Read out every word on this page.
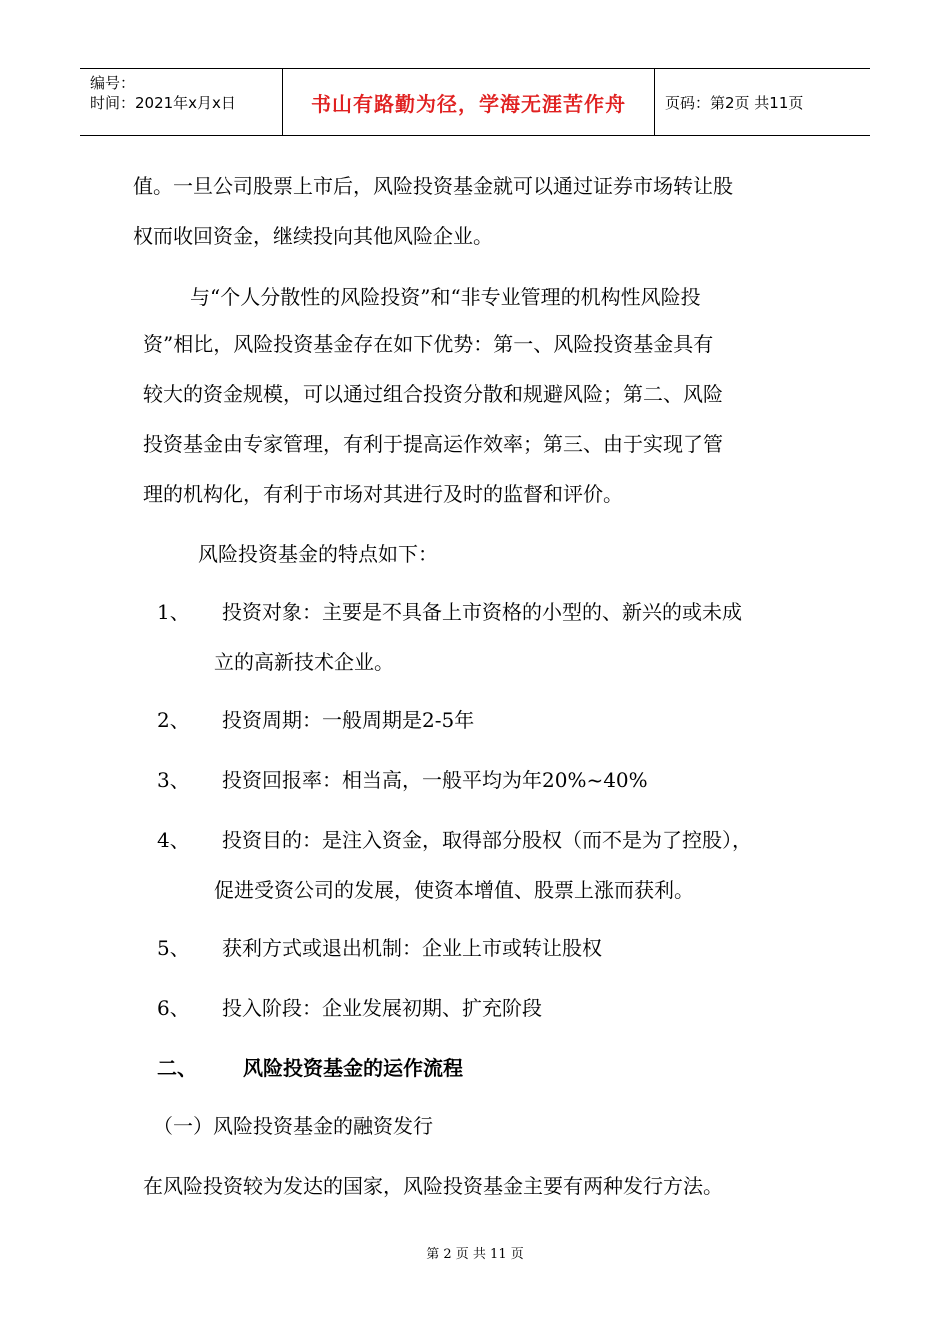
编号：
时间：2021年x月x日	书山有路勤为径，学海无涯苦作舟	页码：第2页 共11页
值。一旦公司股票上市后，风险投资基金就可以通过证券市场转让股
权而收回资金，继续投向其他风险企业。
与“个人分散性的风险投资”和“非专业管理的机构性风险投
资”相比，风险投资基金存在如下优势：第一、风险投资基金具有
较大的资金规模，可以通过组合投资分散和规避风险；第二、风险
投资基金由专家管理，有利于提高运作效率；第三、由于实现了管
理的机构化，有利于市场对其进行及时的监督和评价。
风险投资基金的特点如下：
1、 投资对象：主要是不具备上市资格的小型的、新兴的或未成
立的高新技术企业。
2、 投资周期：一般周期是2-5年
3、 投资回报率：相当高，一般平均为年20%~40%
4、 投资目的：是注入资金，取得部分股权（而不是为了控股），
促进受资公司的发展，使资本增值、股票上涨而获利。
5、 获利方式或退出机制：企业上市或转让股权
6、 投入阶段：企业发展初期、扩充阶段
二、 风险投资基金的运作流程
（一）风险投资基金的融资发行
在风险投资较为发达的国家，风险投资基金主要有两种发行方法。
第 2 页 共 11 页
